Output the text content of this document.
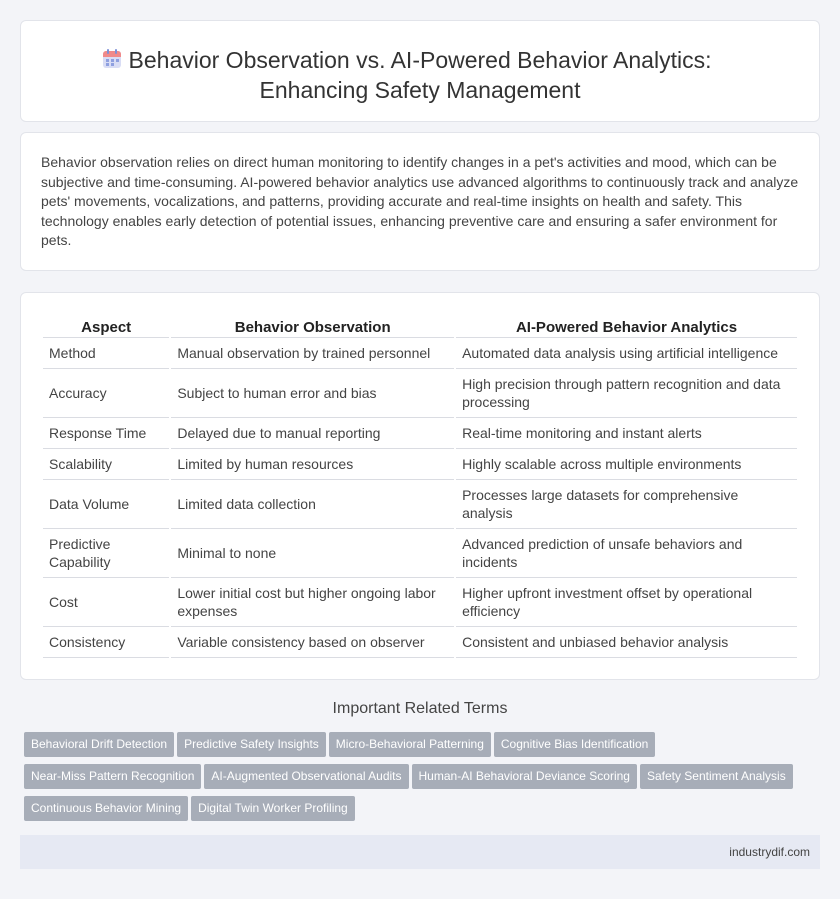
Behavior Observation vs. AI-Powered Behavior Analytics:
Enhancing Safety Management

Behavior observation relies on direct human monitoring to identify changes in a pet's activities and mood, which can be subjective and time-consuming. AI-powered behavior analytics use advanced algorithms to continuously track and analyze pets' movements, vocalizations, and patterns, providing accurate and real-time insights on health and safety. This technology enables early detection of potential issues, enhancing preventive care and ensuring a safer environment for pets.

Aspect	Behavior Observation	AI-Powered Behavior Analytics
Method	Manual observation by trained personnel	Automated data analysis using artificial intelligence
Accuracy	Subject to human error and bias	High precision through pattern recognition and data processing
Response Time	Delayed due to manual reporting	Real-time monitoring and instant alerts
Scalability	Limited by human resources	Highly scalable across multiple environments
Data Volume	Limited data collection	Processes large datasets for comprehensive analysis
Predictive Capability	Minimal to none	Advanced prediction of unsafe behaviors and incidents
Cost	Lower initial cost but higher ongoing labor expenses	Higher upfront investment offset by operational efficiency
Consistency	Variable consistency based on observer	Consistent and unbiased behavior analysis
Important Related Terms
Behavioral Drift Detection Predictive Safety Insights Micro-Behavioral Patterning Cognitive Bias Identification
Near-Miss Pattern Recognition AI-Augmented Observational Audits Human-AI Behavioral Deviance Scoring Safety Sentiment Analysis
Continuous Behavior Mining Digital Twin Worker Profiling
industrydif.com
